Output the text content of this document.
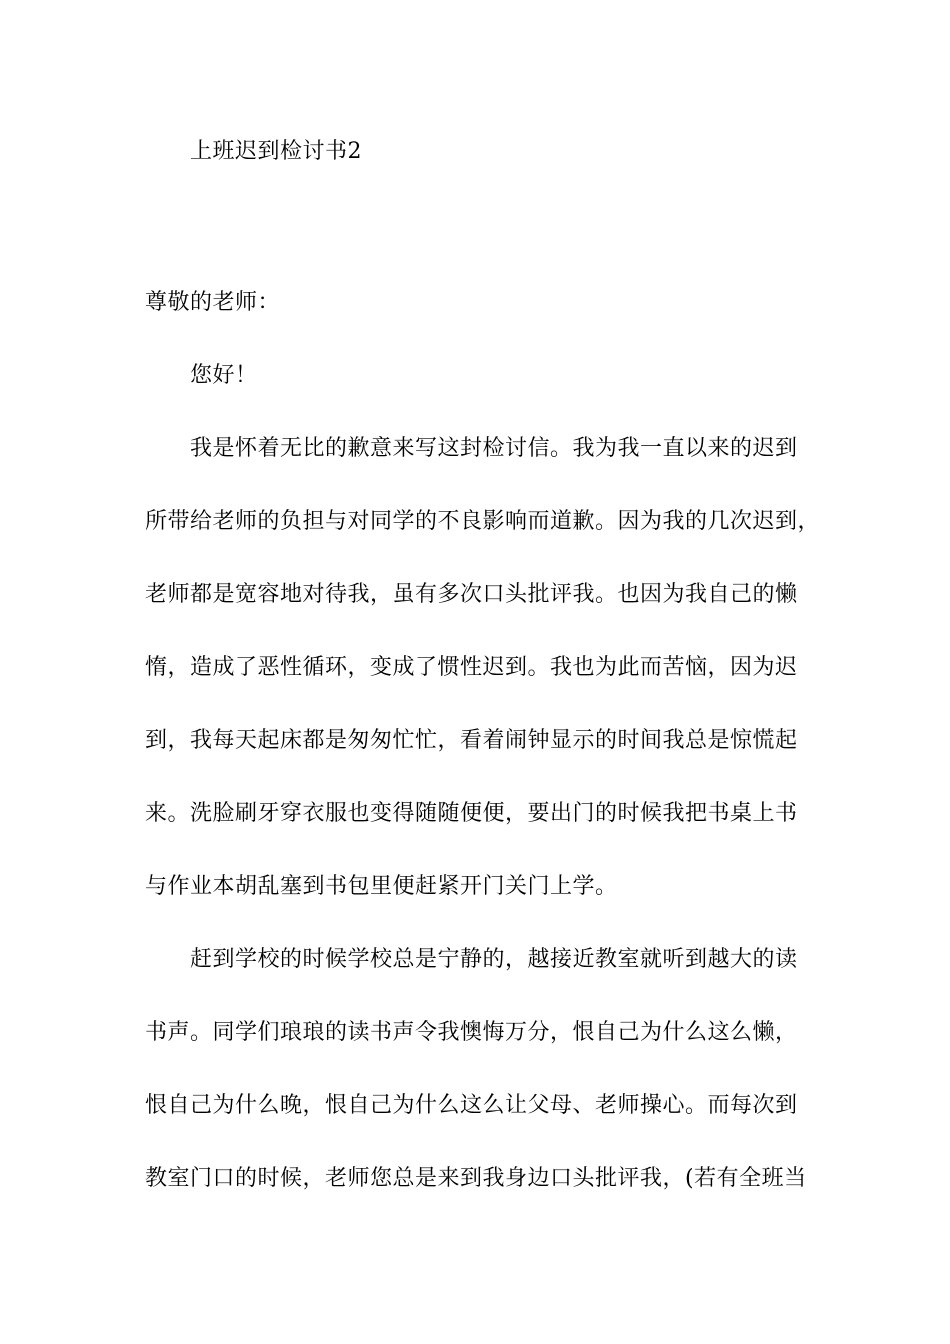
上班迟到检讨书2
尊敬的老师：
您好！
我是怀着无比的歉意来写这封检讨信。我为我一直以来的迟到
所带给老师的负担与对同学的不良影响而道歉。因为我的几次迟到，
老师都是宽容地对待我，虽有多次口头批评我。也因为我自己的懒
惰，造成了恶性循环，变成了惯性迟到。我也为此而苦恼，因为迟
到，我每天起床都是匆匆忙忙，看着闹钟显示的时间我总是惊慌起
来。洗脸刷牙穿衣服也变得随随便便，要出门的时候我把书桌上书
与作业本胡乱塞到书包里便赶紧开门关门上学。
赶到学校的时候学校总是宁静的，越接近教室就听到越大的读
书声。同学们琅琅的读书声令我懊悔万分，恨自己为什么这么懒，
恨自己为什么晚，恨自己为什么这么让父母、老师操心。而每次到
教室门口的时候，老师您总是来到我身边口头批评我，(若有全班当
